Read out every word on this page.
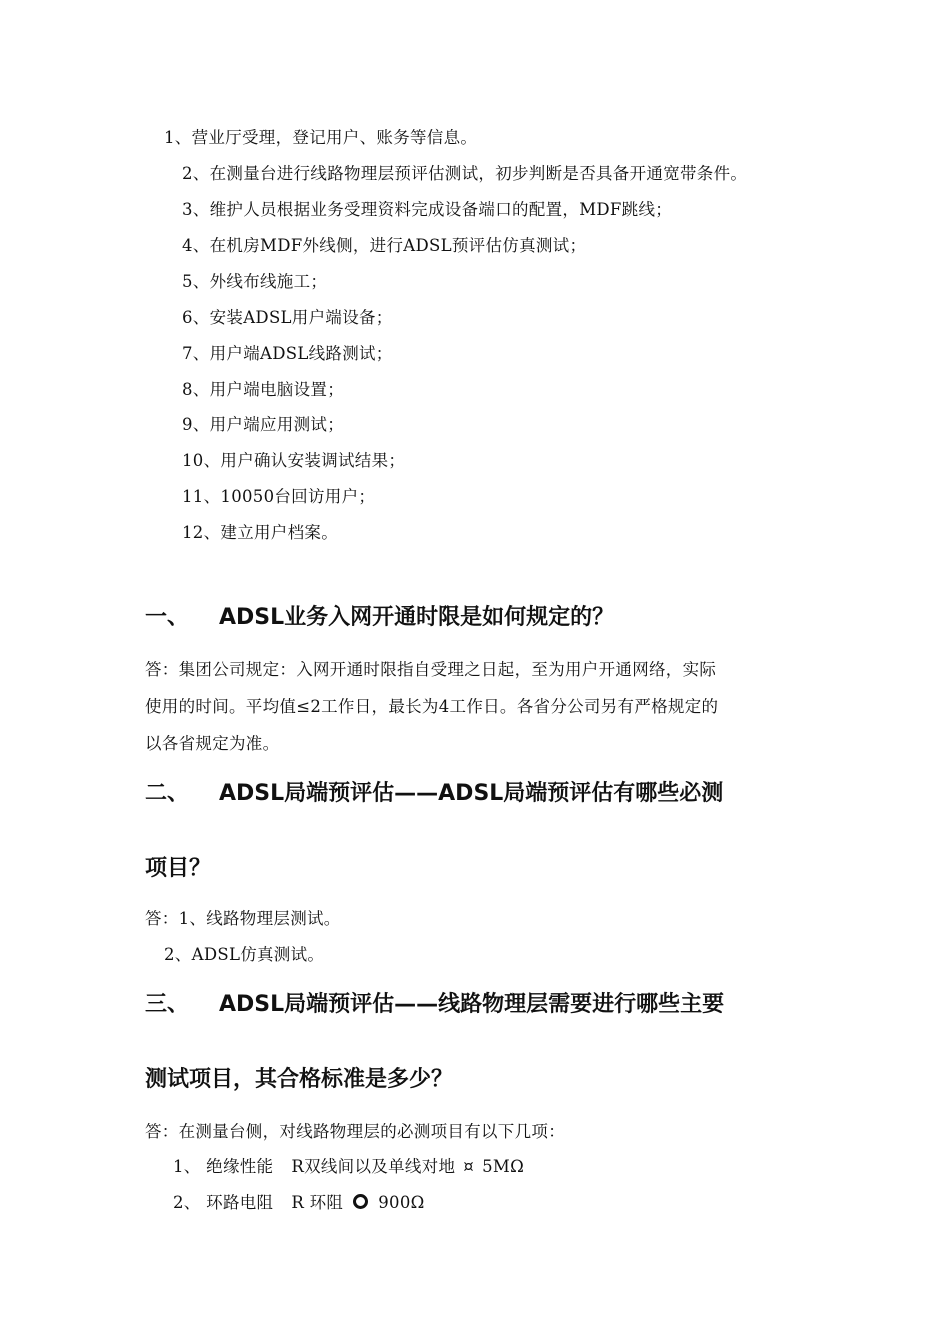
1、营业厅受理，登记用户、账务等信息。
2、在测量台进行线路物理层预评估测试，初步判断是否具备开通宽带条件。
3、维护人员根据业务受理资料完成设备端口的配置，MDF跳线；
4、在机房MDF外线侧，进行ADSL预评估仿真测试；
5、外线布线施工；
6、安装ADSL用户端设备；
7、用户端ADSL线路测试；
8、用户端电脑设置；
9、用户端应用测试；
10、用户确认安装调试结果；
11、10050台回访用户；
12、建立用户档案。
一、 ADSL业务入网开通时限是如何规定的？
答：集团公司规定：入网开通时限指自受理之日起，至为用户开通网络，实际
使用的时间。平均值≤2工作日，最长为4工作日。各省分公司另有严格规定的
以各省规定为准。
二、 ADSL局端预评估——ADSL局端预评估有哪些必测
项目？
答：1、线路物理层测试。
2、ADSL仿真测试。
三、 ADSL局端预评估——线路物理层需要进行哪些主要
测试项目，其合格标准是多少？
答：在测量台侧，对线路物理层的必测项目有以下几项：
1、 绝缘性能 R双线间以及单线对地 ¤ 5MΩ
2、 环路电阻 R 环阻 900Ω
